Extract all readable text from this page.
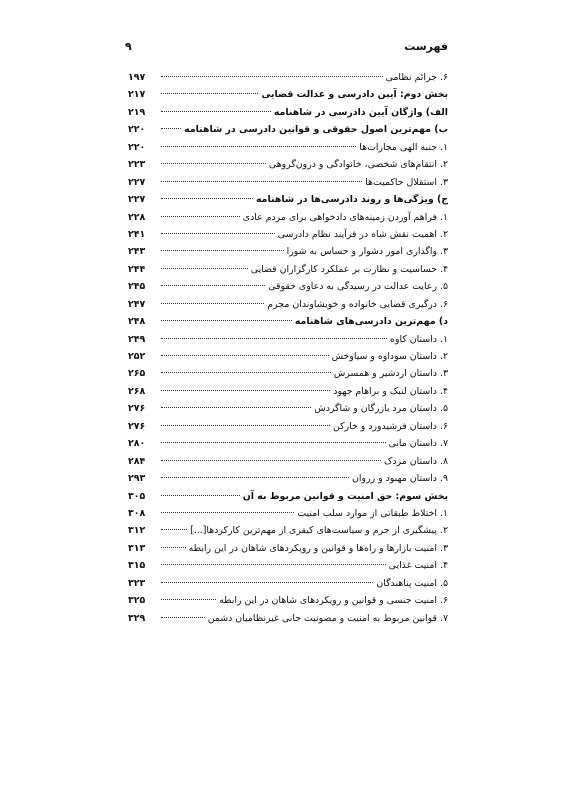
۹	فهرست
۶. جرائم نظامی
۱۹۷
بخش دوم: آیین دادرسی و عدالت قضایی
۲۱۷
الف) واژگان آیین دادرسی در شاهنامه
۲۱۹
ب) مهم‌ترین اصول حقوقی و قوانین دادرسی در شاهنامه
۲۲۰
۱. جنبه الهی مجازات‌ها
۲۲۰
۲. انتقام‌های شخصی، خانوادگی و درون‌گروهی
۲۲۳
۳. استقلال حاکمیت‌ها
۲۲۷
ج) ویژگی‌ها و روند دادرسی‌ها در شاهنامه
۲۲۷
۱. فراهم آوردن زمینه‌های دادخواهی برای مردم عادی
۲۲۸
۲. اهمیت نقش شاه در فرآیند نظام دادرسی
۲۴۱
۳. واگذاری امور دشوار و حساس به شورا
۲۴۳
۴. حساسیت و نظارت بر عملکرد کارگزاران قضایی
۲۴۴
۵. رعایت عدالت در رسیدگی به دعاوی حقوقی
۲۴۵
۶. درگیری قضایی خانواده و خویشاوندان مجرم
۲۴۷
د) مهم‌ترین دادرسی‌های شاهنامه
۲۴۸
۱. داستان کاوه
۲۴۹
۲. داستان سوداوه و سیاوخش
۲۵۲
۳. داستان اردشیر و همسرش
۲۶۵
۴. داستان لنبک و براهام جهود
۲۶۸
۵. داستان مرد بازرگان و شاگردش
۲۷۶
۶. داستان فرشیدورد و خارکن
۲۷۶
۷. داستان مانی
۲۸۰
۸. داستان مزدک
۲۸۴
۹. داستان مهبود و زروان
۲۹۳
بخش سوم: حق امنیت و قوانین مربوط به آن
۳۰۵
۱. اختلاط طبقاتی از موارد سلب امنیت
۳۰۸
۲. پیشگیری از جرم و سیاست‌های کیفری از مهم‌ترین کارکردها[...]
۳۱۲
۳. امنیت بازارها و راه‌ها و قوانین و رویکردهای شاهان در این رابطه
۳۱۳
۴. امنیت غذایی
۳۱۵
۵. امنیت پناهندگان
۳۲۳
۶. امنیت جنسی و قوانین و رویکردهای شاهان در این رابطه
۳۲۵
۷. قوانین مربوط به امنیت و مصونیت جانی غیرنظامیان دشمن
۳۲۹
